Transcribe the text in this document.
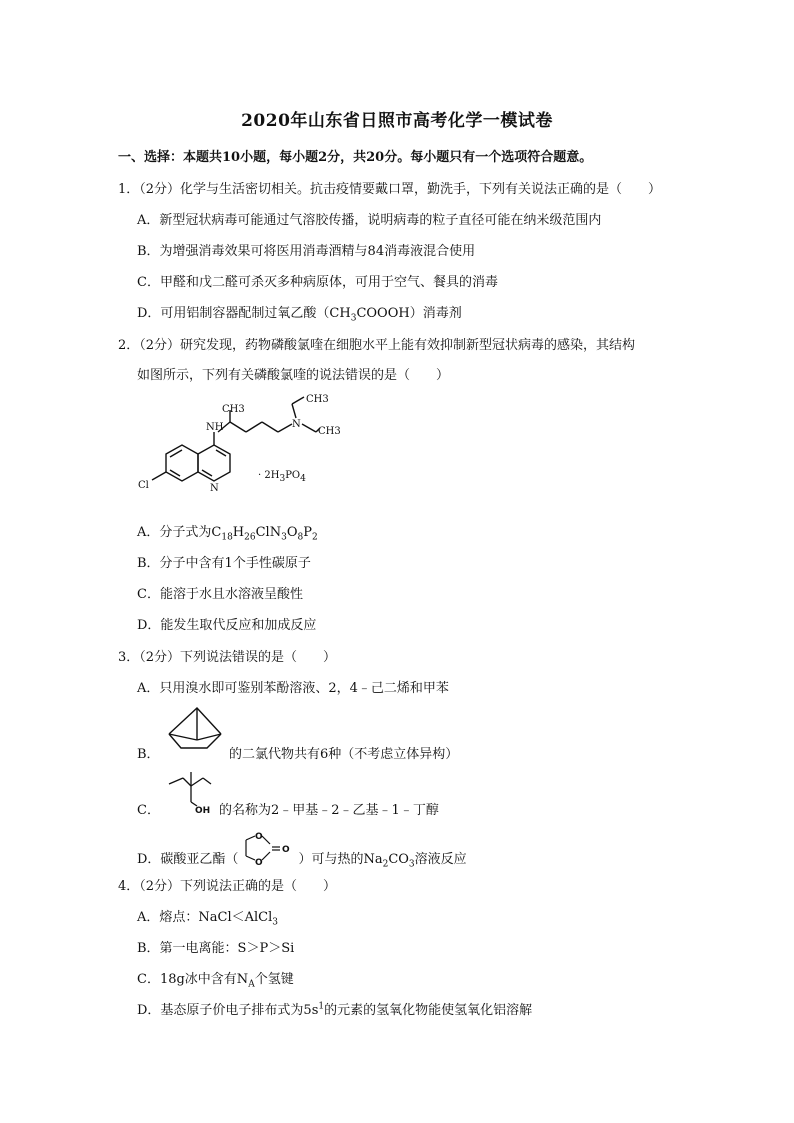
2020年山东省日照市高考化学一模试卷
一、选择：本题共10小题，每小题2分，共20分。每小题只有一个选项符合题意。
1．（2分）化学与生活密切相关。抗击疫情要戴口罩，勤洗手，下列有关说法正确的是（　　）
A．新型冠状病毒可能通过气溶胶传播，说明病毒的粒子直径可能在纳米级范围内
B．为增强消毒效果可将医用消毒酒精与84消毒液混合使用
C．甲醛和戊二醛可杀灭多种病原体，可用于空气、餐具的消毒
D．可用铝制容器配制过氧乙酸$(CH_3COOOH)$消毒剂
2．（2分）研究发现，药物磷酸氯喹在细胞水平上能有效抑制新型冠状病毒的感染，其结构
如图所示，下列有关磷酸氯喹的说法错误的是（　　）
CH3
CH3
CH3
N
NH
Cl	N
· $2H_3PO_4$
A．分子式为$C_{18}H_{26}ClN_3O_8P_2$
B．分子中含有1个手性碳原子
C．能溶于水且水溶液呈酸性
D．能发生取代反应和加成反应
3．（2分）下列说法错误的是（　　）
A．只用溴水即可鉴别苯酚溶液、2，4﹣己二烯和甲苯
B．	的二氯代物共有6种（不考虑立体异构）
C．	OH 的名称为2﹣甲基﹣2﹣乙基﹣1﹣丁醇
D．碳酸亚乙酯（	）可与热的$Na_2CO_3$溶液反应
O
O
O
4．（2分）下列说法正确的是（　　）
A．熔点：NaCl＜AlCl$_3$
B．第一电离能：S＞P＞Si
C．18g冰中含有$N_A$个氢键
D．基态原子价电子排布式为$5s^1$的元素的氢氧化物能使氢氧化铝溶解
